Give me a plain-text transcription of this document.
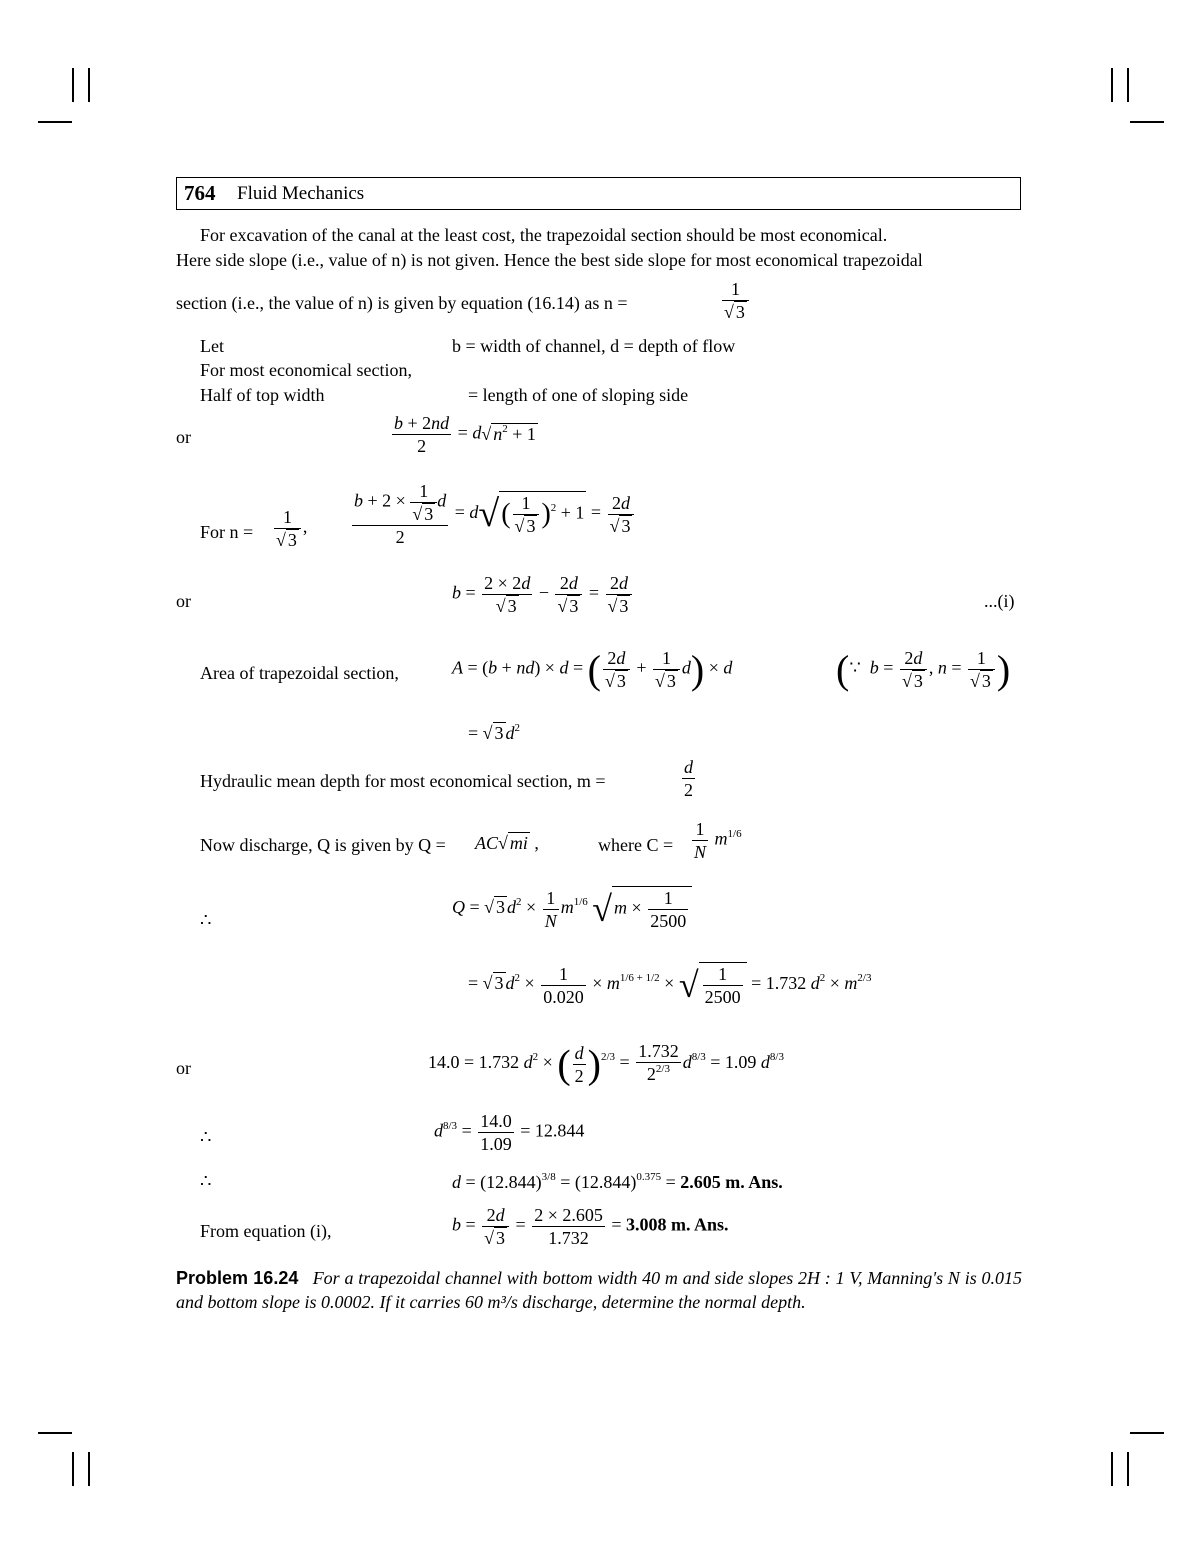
764 Fluid Mechanics
For excavation of the canal at the least cost, the trapezoidal section should be most economical.
Here side slope (i.e., value of n) is not given. Hence the best side slope for most economical trapezoidal
section (i.e., the value of n) is given by equation (16.14) as n =	$\frac{1}{√ 3}$
Let	b = width of channel, d = depth of flow
For most economical section,
Half of top width	= length of one of sloping side
or	$\frac{b + 2nd}{2} = d√$ $n^2 + 1$
For $n = \frac{1}{√ 3}$ , $\frac{b + 2 \times \frac{1}{√ 3} d}{2} = d√( \frac{1}{√ 3} )^2 + 1 = \frac{2d}{√ 3}$
or	$b = \frac{2 \times 2d}{√ 3} - \frac{2d}{√ 3} = \frac{2d}{√ 3}$	...(i)
Area of trapezoidal section,	A = (b + nd) × d = ( $\frac{2d}{√ 3} + \frac{1}{√ 3} d) \times d$	(∵  $b = \frac{2d}{√ 3}$ , $n = \frac{1}{√ 3}$ )
= √ 3 $d^2$
Hydraulic mean depth for most economical section, m =	$\frac{d}{2}$
Now discharge, Q is given by Q = AC√ mi ,	where $C = \frac{1}{N} m^{1/6}$
∴
Q = √ 3 $d^2 \times \frac{1}{N} m^{1/6}$ √ $m \times \frac{1}{2500}$
= √ 3 $d^2 \times \frac{1}{0.020} \times m^{1/6 + 1/2}$ × √ $\frac{1}{2500} = 1.732$ $d^2 \times m^{2/3}$
or	14.0 = 1.732 $d^2$ × ( $\frac{d}{2} )^{2/3} = \frac{1.732}{2^{2/3}} d^{8/3} = 1.09$ $d^{8/3}$
∴	$d^{8/3} = \frac{14.0}{1.09} = 12.844$
∴	$d = (12.844)^{3/8} = (12.844)^{0.375} = 2.605$ m. Ans.
From equation (i),	$b = \frac{2d}{√ 3} = \frac{2 \times 2.605}{1.732} = 3.008$ m. Ans.
Problem 16.24 For a trapezoidal channel with bottom width 40 m and side slopes 2H : 1 V, Manning's N is 0.015 and bottom slope is 0.0002. If it carries 60 m³/s discharge, determine the normal depth.
